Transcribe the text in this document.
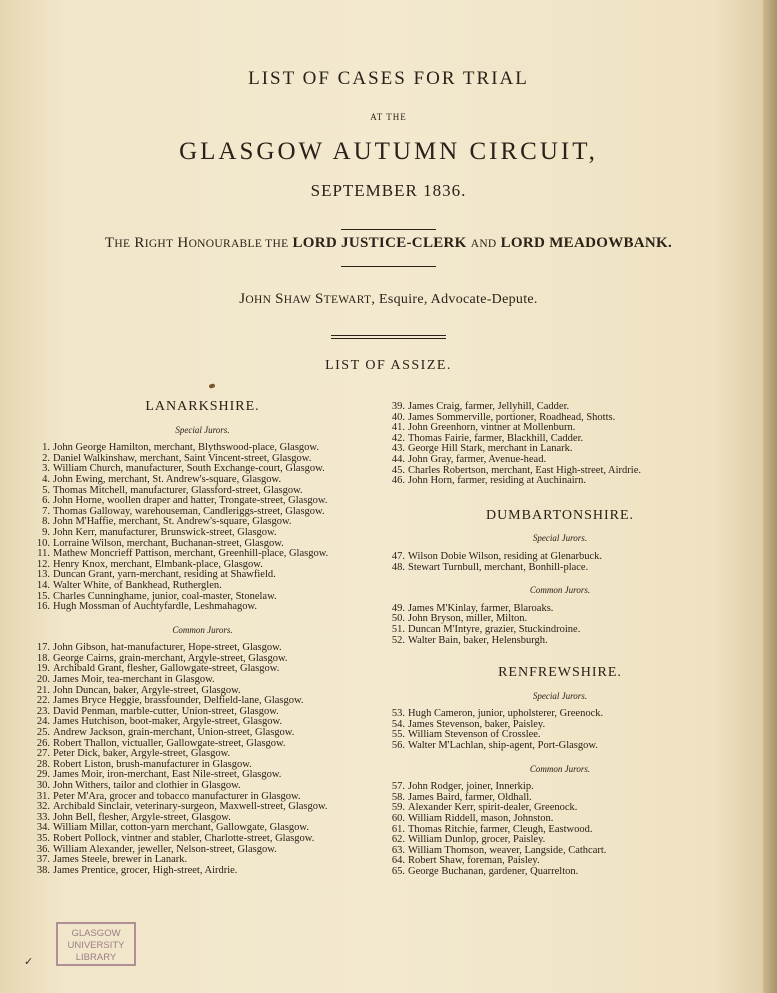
LIST OF CASES FOR TRIAL
AT THE
GLASGOW AUTUMN CIRCUIT,
SEPTEMBER 1836.
THE RIGHT HONOURABLE THE LORD JUSTICE-CLERK AND LORD MEADOWBANK.
JOHN SHAW STEWART, Esquire, Advocate-Depute.
LIST OF ASSIZE.
LANARKSHIRE.
Special Jurors.
1. John George Hamilton, merchant, Blythswood-place, Glasgow.
2. Daniel Walkinshaw, merchant, Saint Vincent-street, Glasgow.
3. William Church, manufacturer, South Exchange-court, Glasgow.
4. John Ewing, merchant, St. Andrew's-square, Glasgow.
5. Thomas Mitchell, manufacturer, Glassford-street, Glasgow.
6. John Horne, woollen draper and hatter, Trongate-street, Glasgow.
7. Thomas Galloway, warehouseman, Candleriggs-street, Glasgow.
8. John M'Haffie, merchant, St. Andrew's-square, Glasgow.
9. John Kerr, manufacturer, Brunswick-street, Glasgow.
10. Lorraine Wilson, merchant, Buchanan-street, Glasgow.
11. Mathew Moncrieff Pattison, merchant, Greenhill-place, Glasgow.
12. Henry Knox, merchant, Elmbank-place, Glasgow.
13. Duncan Grant, yarn-merchant, residing at Shawfield.
14. Walter White, of Bankhead, Rutherglen.
15. Charles Cunninghame, junior, coal-master, Stonelaw.
16. Hugh Mossman of Auchtyfardle, Leshmahagow.
Common Jurors.
17. John Gibson, hat-manufacturer, Hope-street, Glasgow.
18. George Cairns, grain-merchant, Argyle-street, Glasgow.
19. Archibald Grant, flesher, Gallowgate-street, Glasgow.
20. James Moir, tea-merchant in Glasgow.
21. John Duncan, baker, Argyle-street, Glasgow.
22. James Bryce Heggie, brassfounder, Delfield-lane, Glasgow.
23. David Penman, marble-cutter, Union-street, Glasgow.
24. James Hutchison, boot-maker, Argyle-street, Glasgow.
25. Andrew Jackson, grain-merchant, Union-street, Glasgow.
26. Robert Thallon, victualler, Gallowgate-street, Glasgow.
27. Peter Dick, baker, Argyle-street, Glasgow.
28. Robert Liston, brush-manufacturer in Glasgow.
29. James Moir, iron-merchant, East Nile-street, Glasgow.
30. John Withers, tailor and clothier in Glasgow.
31. Peter M'Ara, grocer and tobacco manufacturer in Glasgow.
32. Archibald Sinclair, veterinary-surgeon, Maxwell-street, Glasgow.
33. John Bell, flesher, Argyle-street, Glasgow.
34. William Millar, cotton-yarn merchant, Gallowgate, Glasgow.
35. Robert Pollock, vintner and stabler, Charlotte-street, Glasgow.
36. William Alexander, jeweller, Nelson-street, Glasgow.
37. James Steele, brewer in Lanark.
38. James Prentice, grocer, High-street, Airdrie.
39. James Craig, farmer, Jellyhill, Cadder.
40. James Sommerville, portioner, Roadhead, Shotts.
41. John Greenhorn, vintner at Mollenburn.
42. Thomas Fairie, farmer, Blackhill, Cadder.
43. George Hill Stark, merchant in Lanark.
44. John Gray, farmer, Avenue-head.
45. Charles Robertson, merchant, East High-street, Airdrie.
46. John Horn, farmer, residing at Auchinairn.
DUMBARTONSHIRE.
Special Jurors.
47. Wilson Dobie Wilson, residing at Glenarbuck.
48. Stewart Turnbull, merchant, Bonhill-place.
Common Jurors.
49. James M'Kinlay, farmer, Blaroaks.
50. John Bryson, miller, Milton.
51. Duncan M'Intyre, grazier, Stuckindroine.
52. Walter Bain, baker, Helensburgh.
RENFREWSHIRE.
Special Jurors.
53. Hugh Cameron, junior, upholsterer, Greenock.
54. James Stevenson, baker, Paisley.
55. William Stevenson of Crosslee.
56. Walter M'Lachlan, ship-agent, Port-Glasgow.
Common Jurors.
57. John Rodger, joiner, Innerkip.
58. James Baird, farmer, Oldhall.
59. Alexander Kerr, spirit-dealer, Greenock.
60. William Riddell, mason, Johnston.
61. Thomas Ritchie, farmer, Cleugh, Eastwood.
62. William Dunlop, grocer, Paisley.
63. William Thomson, weaver, Langside, Cathcart.
64. Robert Shaw, foreman, Paisley.
65. George Buchanan, gardener, Quarrelton.
GLASGOW
UNIVERSITY
LIBRARY
✓
